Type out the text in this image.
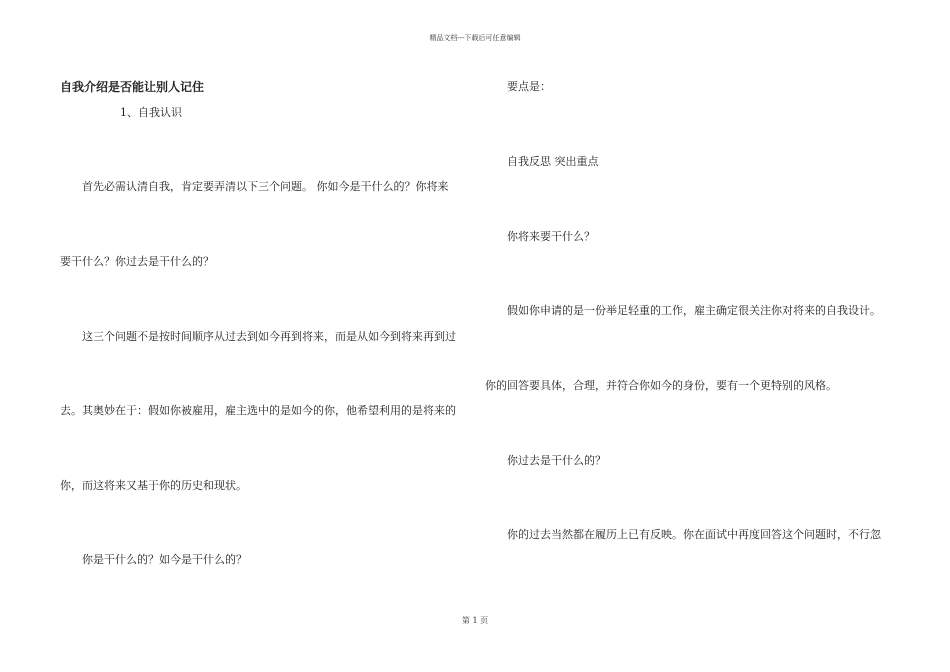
精品文档---下载后可任意编辑
自我介绍是否能让别人记住
1、自我认识
首先必需认清自我，肯定要弄清以下三个问题。 你如今是干什么的？你将来
要干什么？你过去是干什么的？
这三个问题不是按时间顺序从过去到如今再到将来，而是从如今到将来再到过
去。其奥妙在于：假如你被雇用，雇主选中的是如今的你，他希望利用的是将来的
你，而这将来又基于你的历史和现状。
你是干什么的？如今是干什么的？
要点是：
自我反思 突出重点
你将来要干什么？
假如你申请的是一份举足轻重的工作，雇主确定很关注你对将来的自我设计。
你的回答要具体，合理，并符合你如今的身份，要有一个更特别的风格。
你过去是干什么的？
你的过去当然都在履历上已有反映。你在面试中再度回答这个问题时，不行忽
第 1 页
